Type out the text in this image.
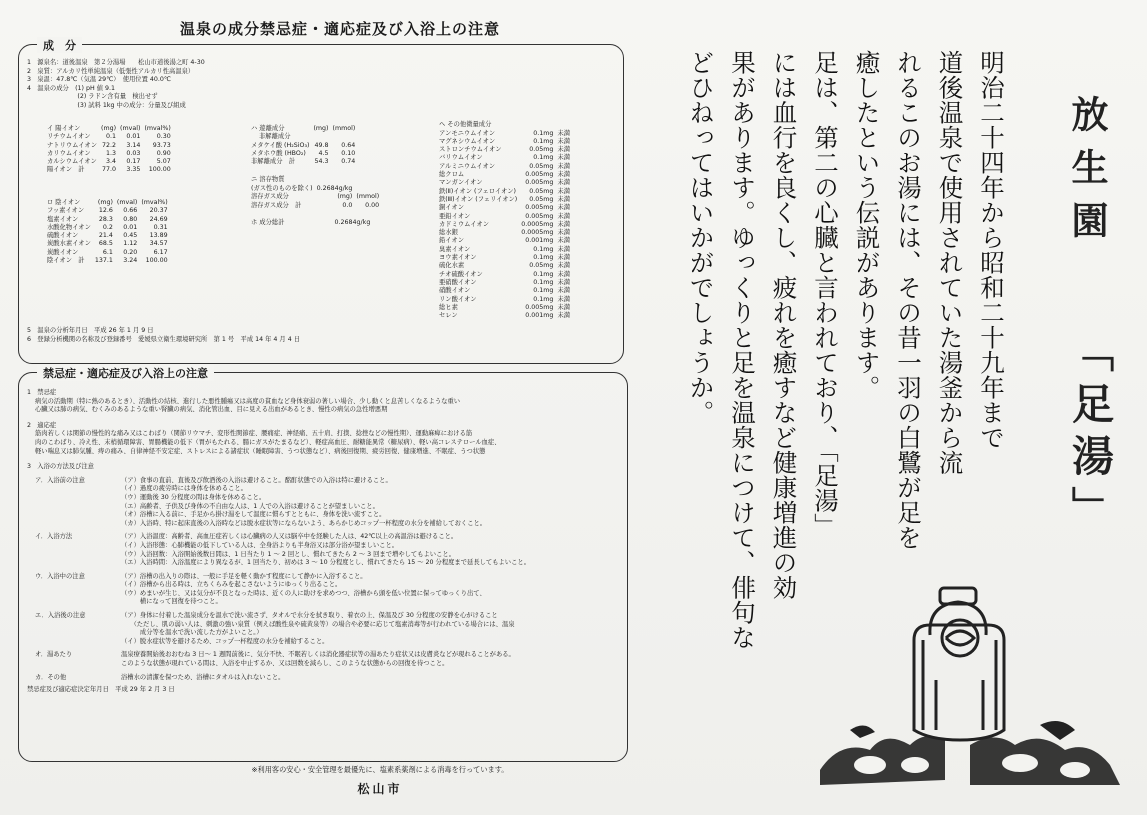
温泉の成分禁忌症・適応症及び入浴上の注意
成　分
1　源泉名：道後温泉　第２分湯場　　松山市道後湯之町 4-30
2　泉質：アルカリ性単純温泉（低張性アルカリ性高温泉）
3　泉温：47.8℃（気温 29℃）　使用位置 40.0℃
4　温泉の成分　(1) pH 値 9.1
　　　　　　　　(2) ラドン含有量　検出せず
　　　　　　　　(3) 試料 1kg 中の成分：分量及び組成
イ 陽イオン	(mg)	(mval)	(mval%)
リチウムイオン	0.1	0.01	0.30
ナトリウムイオン	72.2	3.14	93.73
カリウムイオン	1.3	0.03	0.90
カルシウムイオン	3.4	0.17	5.07
陽イオン　計	77.0	3.35	100.00
ロ 陰イオン	(mg)	(mval)	(mval%)
フッ素イオン	12.6	0.66	20.37
塩素イオン	28.3	0.80	24.69
水酸化物イオン	0.2	0.01	0.31
硫酸イオン	21.4	0.45	13.89
炭酸水素イオン	68.5	1.12	34.57
炭酸イオン	6.1	0.20	6.17
陰イオン　計	137.1	3.24	100.00
ハ 遊離成分	(mg)	(mmol)
非解離成分		
メタケイ酸 (H₂SiO₃)	49.8	0.64
メタホウ酸 (HBO₂)	4.5	0.10
非解離成分　計	54.3	0.74
ニ 溶存物質
(ガス性のものを除く)	0.2684g/kg	
溶存ガス成分	(mg)	(mmol)
溶存ガス成分　計	0.0	0.00
ホ 成分総計	0.2684g/kg
ヘ その他微量成分
アンモニウムイオン	0.1mg	未満
マグネシウムイオン	0.1mg	未満
ストロンチウムイオン	0.05mg	未満
バリウムイオン	0.1mg	未満
アルミニウムイオン	0.05mg	未満
総クロム	0.005mg	未満
マンガンイオン	0.005mg	未満
鉄(Ⅱ)イオン (フェロイオン)	0.05mg	未満
鉄(Ⅲ)イオン (フェリイオン)	0.05mg	未満
銅イオン	0.005mg	未満
亜鉛イオン	0.005mg	未満
カドミウムイオン	0.0005mg	未満
総水銀	0.0005mg	未満
鉛イオン	0.001mg	未満
臭素イオン	0.1mg	未満
ヨウ素イオン	0.1mg	未満
硫化水素	0.05mg	未満
チオ硫酸イオン	0.1mg	未満
亜硝酸イオン	0.1mg	未満
硝酸イオン	0.1mg	未満
リン酸イオン	0.1mg	未満
総ヒ素	0.005mg	未満
セレン	0.001mg	未満
5　温泉の分析年月日　平成 26 年 1 月 9 日
6　登録分析機関の名称及び登録番号　愛媛県立衛生環境研究所　第 1 号　平成 14 年 4 月 4 日
禁忌症・適応症及び入浴上の注意
1　禁忌症
病気の活動期（特に熱のあるとき）、活動性の結核、進行した悪性腫瘍又は高度の貧血など身体衰弱の著しい場合、少し動くと息苦しくなるような重い
心臓又は肺の病気、むくみのあるような重い腎臓の病気、消化管出血、目に見える出血があるとき、慢性の病気の急性増悪期
2　適応症
筋肉若しくは関節の慢性的な痛み又はこわばり（関節リウマチ、変形性関節症、腰痛症、神経痛、五十肩、打撲、捻挫などの慢性期）、運動麻痺における筋
肉のこわばり、冷え性、末梢循環障害、胃腸機能の低下（胃がもたれる、腸にガスがたまるなど）、軽症高血圧、耐糖能異常（糖尿病）、軽い高コレステロール血症、
軽い喘息又は肺気腫、痔の痛み、自律神経不安定症、ストレスによる諸症状（睡眠障害、うつ状態など）、病後回復期、疲労回復、健康増進、不眠症、うつ状態
3　入浴の方法及び注意
ア．入浴前の注意	（ア）食事の直前、直後及び飲酒後の入浴は避けること。酩酊状態での入浴は特に避けること。
（イ）過度の疲労時には身体を休めること。
（ウ）運動後 30 分程度の間は身体を休めること。
（エ）高齢者、子供及び身体の不自由な人は、1 人での入浴は避けることが望ましいこと。
（オ）浴槽に入る前に、手足から掛け湯をして温度に慣らすとともに、身体を洗い流すこと。
（カ）入浴時、特に起床直後の入浴時などは脱水症状等にならないよう、あらかじめコップ一杯程度の水分を補給しておくこと。
イ．入浴方法	（ア）入浴温度：高齢者、高血圧症若しくは心臓病の人又は脳卒中を経験した人は、42℃以上の高温浴は避けること。
（イ）入浴形態：心肺機能の低下している人は、全身浴よりも半身浴又は部分浴が望ましいこと。
（ウ）入浴回数：入浴開始後数日間は、1 日当たり 1 ～ 2 回とし、慣れてきたら 2 ～ 3 回まで増やしてもよいこと。
（エ）入浴時間：入浴温度により異なるが、1 回当たり、初めは 3 ～ 10 分程度とし、慣れてきたら 15 ～ 20 分程度まで延長してもよいこと。
ウ．入浴中の注意	（ア）浴槽の出入りの際は、一般に手足を軽く動かす程度にして静かに入浴すること。
（イ）浴槽から出る時は、立ちくらみを起こさないようにゆっくり出ること。
（ウ）めまいが生じ、又は気分が不良となった時は、近くの人に助けを求めつつ、浴槽から頭を低い位置に保ってゆっくり出て、
　　　横になって回復を待つこと。
エ．入浴後の注意	（ア）身体に付着した温泉成分を温水で洗い流さず、タオルで水分を拭き取り、着衣の上、保温及び 30 分程度の安静を心がけること
　　（ただし、肌の弱い人は、刺激の強い泉質（例えば酸性泉や硫黄泉等）の場合や必要に応じて塩素消毒等が行われている場合には、温泉
　　　成分等を温水で洗い流した方がよいこと。）
（イ）脱水症状等を避けるため、コップ一杯程度の水分を補給すること。
オ．湯あたり	温泉療養開始後おおむね 3 日～ 1 週間前後に、気分不快、不眠若しくは消化器症状等の湯あたり症状又は皮膚炎などが現れることがある。
このような状態が現れている間は、入浴を中止するか、又は回数を減らし、このような状態からの回復を待つこと。
カ．その他	浴槽水の清潔を保つため、浴槽にタオルは入れないこと。
禁忌症及び適応症決定年月日　平成 29 年 2 月 3 日
※利用客の安心・安全管理を最優先に、塩素系薬剤による消毒を行っています。
松山市
明治二十四年から昭和二十九年まで
道後温泉で使用されていた湯釜から流
れるこのお湯には、その昔一羽の白鷺が足を
癒したという伝説があります。
足は、第二の心臓と言われており、「足湯」
には血行を良くし、疲れを癒すなど健康増進の効
果があります。ゆっくりと足を温泉につけて、俳句な
どひねってはいかがでしょうか。	放生園
「足湯」
